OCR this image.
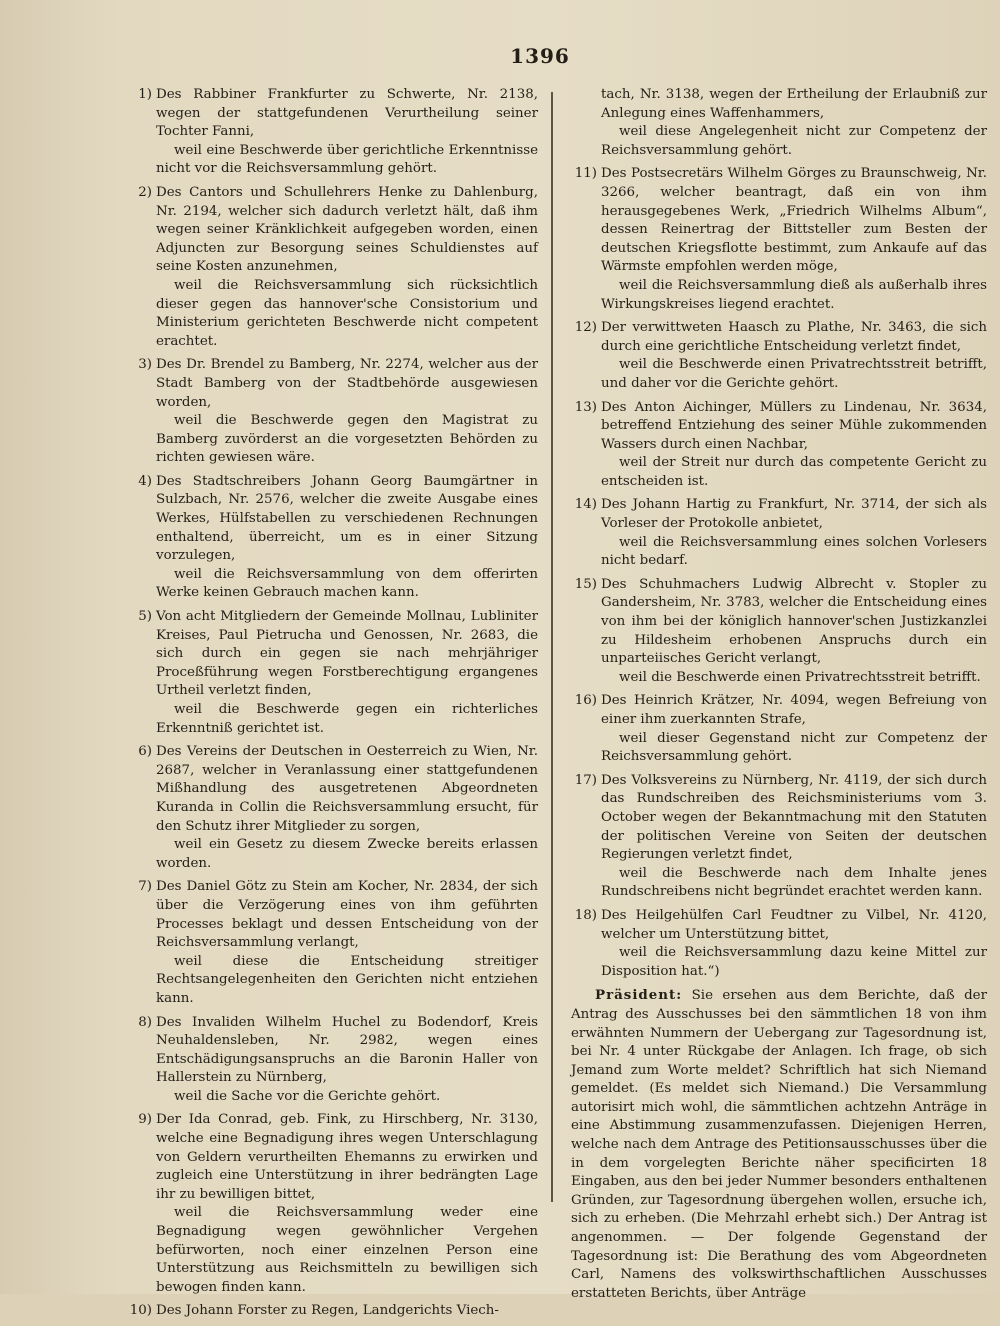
1396
1) Des Rabbiner Frankfurter zu Schwerte, Nr. 2138, wegen der stattgefundenen Verurtheilung seiner Tochter Fanni,
weil eine Beschwerde über gerichtliche Erkenntnisse nicht vor die Reichsversammlung gehört.
2) Des Cantors und Schullehrers Henke zu Dahlenburg, Nr. 2194, welcher sich dadurch verletzt hält, daß ihm wegen seiner Kränklichkeit aufgegeben worden, einen Adjuncten zur Besorgung seines Schuldienstes auf seine Kosten anzunehmen,
weil die Reichsversammlung sich rücksichtlich dieser gegen das hannover'sche Consistorium und Ministerium gerichteten Beschwerde nicht competent erachtet.
3) Des Dr. Brendel zu Bamberg, Nr. 2274, welcher aus der Stadt Bamberg von der Stadtbehörde ausgewiesen worden,
weil die Beschwerde gegen den Magistrat zu Bamberg zuvörderst an die vorgesetzten Behörden zu richten gewiesen wäre.
4) Des Stadtschreibers Johann Georg Baumgärtner in Sulzbach, Nr. 2576, welcher die zweite Ausgabe eines Werkes, Hülfstabellen zu verschiedenen Rechnungen enthaltend, überreicht, um es in einer Sitzung vorzulegen,
weil die Reichsversammlung von dem offerirten Werke keinen Gebrauch machen kann.
5) Von acht Mitgliedern der Gemeinde Mollnau, Lubliniter Kreises, Paul Pietrucha und Genossen, Nr. 2683, die sich durch ein gegen sie nach mehrjähriger Proceßführung wegen Forstberechtigung ergangenes Urtheil verletzt finden,
weil die Beschwerde gegen ein richterliches Erkenntniß gerichtet ist.
6) Des Vereins der Deutschen in Oesterreich zu Wien, Nr. 2687, welcher in Veranlassung einer stattgefundenen Mißhandlung des ausgetretenen Abgeordneten Kuranda in Collin die Reichsversammlung ersucht, für den Schutz ihrer Mitglieder zu sorgen,
weil ein Gesetz zu diesem Zwecke bereits erlassen worden.
7) Des Daniel Götz zu Stein am Kocher, Nr. 2834, der sich über die Verzögerung eines von ihm geführten Processes beklagt und dessen Entscheidung von der Reichsversammlung verlangt,
weil diese die Entscheidung streitiger Rechtsangelegenheiten den Gerichten nicht entziehen kann.
8) Des Invaliden Wilhelm Huchel zu Bodendorf, Kreis Neuhaldensleben, Nr. 2982, wegen eines Entschädigungsanspruchs an die Baronin Haller von Hallerstein zu Nürnberg,
weil die Sache vor die Gerichte gehört.
9) Der Ida Conrad, geb. Fink, zu Hirschberg, Nr. 3130, welche eine Begnadigung ihres wegen Unterschlagung von Geldern verurtheilten Ehemanns zu erwirken und zugleich eine Unterstützung in ihrer bedrängten Lage ihr zu bewilligen bittet,
weil die Reichsversammlung weder eine Begnadigung wegen gewöhnlicher Vergehen befürworten, noch einer einzelnen Person eine Unterstützung aus Reichsmitteln zu bewilligen sich bewogen finden kann.
10) Des Johann Forster zu Regen, Landgerichts Viech-
tach, Nr. 3138, wegen der Ertheilung der Erlaubniß zur Anlegung eines Waffenhammers,
weil diese Angelegenheit nicht zur Competenz der Reichsversammlung gehört.
11) Des Postsecretärs Wilhelm Görges zu Braunschweig, Nr. 3266, welcher beantragt, daß ein von ihm herausgegebenes Werk, „Friedrich Wilhelms Album“, dessen Reinertrag der Bittsteller zum Besten der deutschen Kriegsflotte bestimmt, zum Ankaufe auf das Wärmste empfohlen werden möge,
weil die Reichsversammlung dieß als außerhalb ihres Wirkungskreises liegend erachtet.
12) Der verwittweten Haasch zu Plathe, Nr. 3463, die sich durch eine gerichtliche Entscheidung verletzt findet,
weil die Beschwerde einen Privatrechtsstreit betrifft, und daher vor die Gerichte gehört.
13) Des Anton Aichinger, Müllers zu Lindenau, Nr. 3634, betreffend Entziehung des seiner Mühle zukommenden Wassers durch einen Nachbar,
weil der Streit nur durch das competente Gericht zu entscheiden ist.
14) Des Johann Hartig zu Frankfurt, Nr. 3714, der sich als Vorleser der Protokolle anbietet,
weil die Reichsversammlung eines solchen Vorlesers nicht bedarf.
15) Des Schuhmachers Ludwig Albrecht v. Stopler zu Gandersheim, Nr. 3783, welcher die Entscheidung eines von ihm bei der königlich hannover'schen Justizkanzlei zu Hildesheim erhobenen Anspruchs durch ein unparteiisches Gericht verlangt,
weil die Beschwerde einen Privatrechtsstreit betrifft.
16) Des Heinrich Krätzer, Nr. 4094, wegen Befreiung von einer ihm zuerkannten Strafe,
weil dieser Gegenstand nicht zur Competenz der Reichsversammlung gehört.
17) Des Volksvereins zu Nürnberg, Nr. 4119, der sich durch das Rundschreiben des Reichsministeriums vom 3. October wegen der Bekanntmachung mit den Statuten der politischen Vereine von Seiten der deutschen Regierungen verletzt findet,
weil die Beschwerde nach dem Inhalte jenes Rundschreibens nicht begründet erachtet werden kann.
18) Des Heilgehülfen Carl Feudtner zu Vilbel, Nr. 4120, welcher um Unterstützung bittet,
weil die Reichsversammlung dazu keine Mittel zur Disposition hat.“)
Präsident: Sie ersehen aus dem Berichte, daß der Antrag des Ausschusses bei den sämmtlichen 18 von ihm erwähnten Nummern der Uebergang zur Tagesordnung ist, bei Nr. 4 unter Rückgabe der Anlagen. Ich frage, ob sich Jemand zum Worte meldet? Schriftlich hat sich Niemand gemeldet. (Es meldet sich Niemand.) Die Versammlung autorisirt mich wohl, die sämmtlichen achtzehn Anträge in eine Abstimmung zusammenzufassen. Diejenigen Herren, welche nach dem Antrage des Petitionsausschusses über die in dem vorgelegten Berichte näher specificirten 18 Eingaben, aus den bei jeder Nummer besonders enthaltenen Gründen, zur Tagesordnung übergehen wollen, ersuche ich, sich zu erheben. (Die Mehrzahl erhebt sich.) Der Antrag ist angenommen. — Der folgende Gegenstand der Tagesordnung ist: Die Berathung des vom Abgeordneten Carl, Namens des volkswirthschaftlichen Ausschusses erstatteten Berichts, über Anträge
